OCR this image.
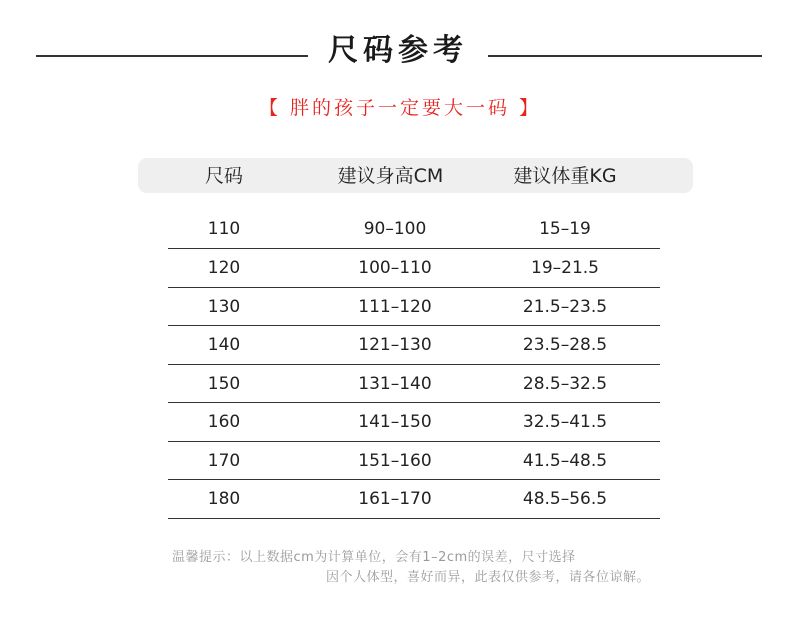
尺码参考
【 胖的孩子一定要大一码 】
尺码	建议身高CM	建议体重KG
110	90–100	15–19
120	100–110	19–21.5
130	111–120	21.5–23.5
140	121–130	23.5–28.5
150	131–140	28.5–32.5
160	141–150	32.5–41.5
170	151–160	41.5–48.5
180	161–170	48.5–56.5
温馨提示：以上数据cm为计算单位，会有1–2cm的误差，尺寸选择
因个人体型，喜好而异，此表仅供参考，请各位谅解。
